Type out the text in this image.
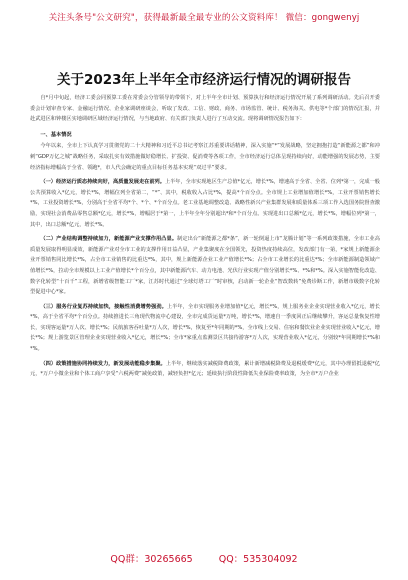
关注头条号"公文研究"，获得最新最全最专业的公文资料库！ 微信：gongwenyj
关于2023年上半年全市经济运行情况的调研报告

自*月中旬起，经济工委会同预算工委在常委会分管领导的带领下，对上半年全市计划、预算执行和经济运行情况开展了系列调研活动。先后召开委委会计划审查专家、金融运行情况、企业家调研座谈会，听取了发改、工信、财政、商务、市场监管、统计、税务海关、供电等*个部门的情况汇报，并赴武进区和钟楼区实地调研区域经济运行情况，与当地政府、有关部门负责人进行了互动交流。现将调研情况报告如下：

一、基本情况

今年以来，全市上下认真学习贯彻党的二十大精神和习近平总书记考察江苏重要讲话精神，深入实施“*”发展战略，坚定拥抱打造“新能源之都”和冲刺“GDP万亿之城”战略任务，采取扎实有效措施做好稳增长、扩投资、促消费等各项工作，全市经济运行总体呈现持续向好，动能增强的发展态势，主要经济指标增幅高于全省、领跑*，市人代会确定的重点目标任务基本实现“双过半”要求。

（一）经济运行质态持续向好，高质量发展走在前列。上半年，全市实现地区生产总值*亿元，增长*%，增速高于全省、全省、位列*第一，完成一般公共预算收入*亿元，增长*%，增幅位列全省第二，“*”、其中，税收收入占比*%，提高*个百分点。全市规上工业增加值增长*%，工业开票销售增长*%，工业投资增长*%，分别高于全省平均*个、*个、*个百分点。老工业基地调整改造、战略性新兴产业集群发展和质量体系三项工作入选国务院督查激励，实现社会消费品零售总额*亿元，增长*%，增幅居于*第一，上半年全年分别超出*和*个百分点。实现进出口总额*亿元，增长*%，增幅位列*第一，其中，出口总额*亿元，增长*%。

（二）产业结构调整持续加力，新能源产业支撑作用凸显。制定出台“新能源之都*条”，新一轮倒逼上市“龙腾计划”等一系列政策措施，全市工业高质量发展取得明显成效，新能源产业对全市工业的支撑作用日益凸显，产业集聚度在全国领先，投资热度持续高位，发改部门有一第，*家规上新能源企业开票销售同比增长*%，占全市工业销售的比重达*%，其中，规上新能源企业工业产值增长*%；占全市工业增长的比重达*%；全市新能源制造领域产值增长*%，拉动全市规模以上工业产值增长*个百分点，其中新能源汽车、动力电池、光伏行业实现产值分别增长*%、*%和*%。深入实施智能化改造、数字化转型“十百千”工程，新增省级智能工厂*家，江苏时代通过“全球灯塔工厂”时审核，启动新一轮企业“智改数转”免费诊断工作，新增市级数字化转型促进中心*家。

（三）服务行业复苏持续加快，接触性消费增势强劲。上半年，全市实现服务业增加值*亿元，增长*%，规上服务业企业实现营业收入*亿元，增长*%，高于全省平均*个百分点。持续推进长三角现代物流中心建设，全市完成货运量*万吨，增长*%，增速自一季度回正后继续攀升，客运总量恢复性增长，实现客运量*万人次、增长*%；民航旅客吞吐量*万人次，增长*%，恢复至*年同期的*%，全市线上交易、住宿和餐饮业企业实现营业收入*亿元，增长*%；规上游览景区管理企业实现营业收入*亿元，增长*%；全市*家重点监测景区共接待游客*万人次，实现营业收入*亿元，分别较*年同期增长*%和*%。

（四）政策措施协同持续发力，新发展动能稳步集聚。上半年，继续落实减税降费政策，累计新增减税降费及退税缓费*亿元，其中办理留抵退税*亿元，*万户小微企业和个体工商户享受“六税两费”减免政策，减轻负担*亿元；延续执行阶段性降低失业保险费率政策，为全市*万户企业

QQ群：30265665	QQ：535304092
